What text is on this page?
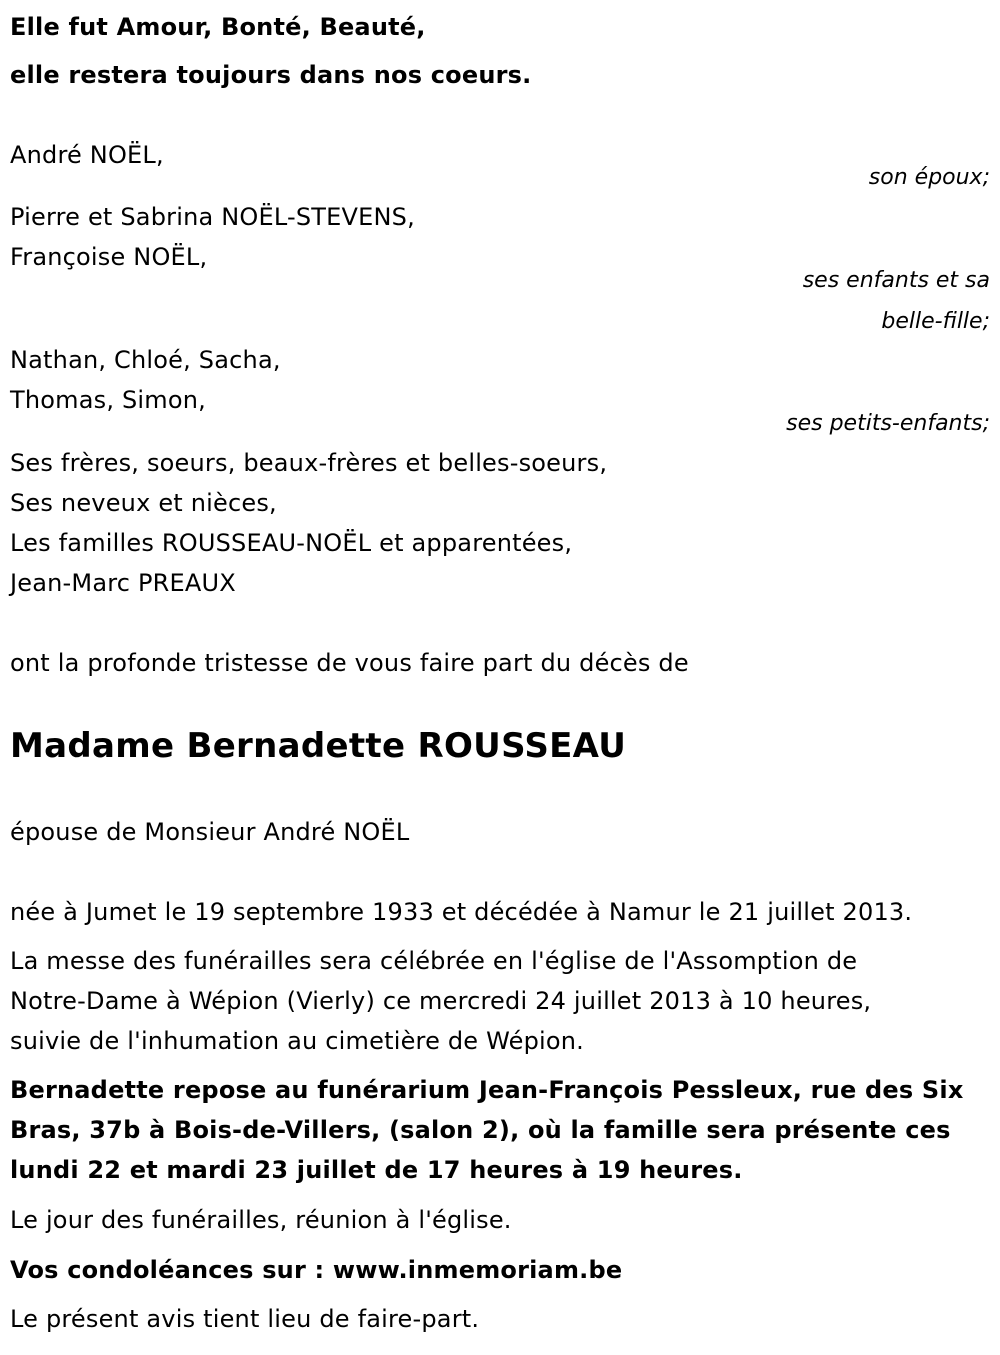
Elle fut Amour, Bonté, Beauté,
elle restera toujours dans nos coeurs.
André NOËL,
son époux;
Pierre et Sabrina NOËL-STEVENS,
Françoise NOËL,
ses enfants et sa
belle-fille;
Nathan, Chloé, Sacha,
Thomas, Simon,
ses petits-enfants;
Ses frères, soeurs, beaux-frères et belles-soeurs,
Ses neveux et nièces,
Les familles ROUSSEAU-NOËL et apparentées,
Jean-Marc PREAUX
ont la profonde tristesse de vous faire part du décès de
Madame Bernadette ROUSSEAU
épouse de Monsieur André NOËL
née à Jumet le 19 septembre 1933 et décédée à Namur le 21 juillet 2013.
La messe des funérailles sera célébrée en l'église de l'Assomption de
Notre-Dame à Wépion (Vierly) ce mercredi 24 juillet 2013 à 10 heures,
suivie de l'inhumation au cimetière de Wépion.
Bernadette repose au funérarium Jean-François Pessleux, rue des Six
Bras, 37b à Bois-de-Villers, (salon 2), où la famille sera présente ces
lundi 22 et mardi 23 juillet de 17 heures à 19 heures.
Le jour des funérailles, réunion à l'église.
Vos condoléances sur : www.inmemoriam.be
Le présent avis tient lieu de faire-part.
